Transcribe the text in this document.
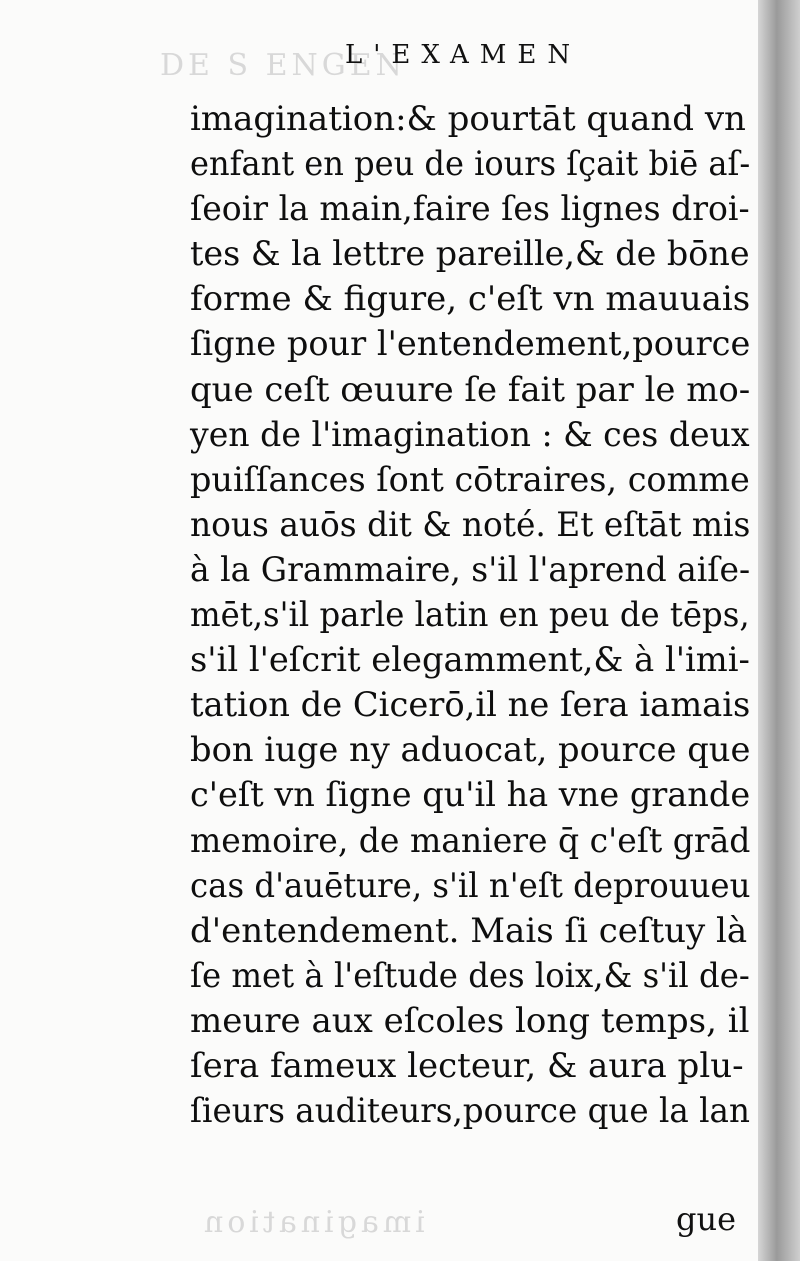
DE S ENGEN
imagination
L'EXAMEN
imagination:& pourtāt quand vn
enfant en peu de iours ſçait biē aſ-
ſeoir la main,faire ſes lignes droi-
tes & la lettre pareille,& de bōne
forme & figure, c'eſt vn mauuais
ſigne pour l'entendement,pource
que ceſt œuure ſe fait par le mo-
yen de l'imagination : & ces deux
puiſſances ſont cōtraires, comme
nous auōs dit & noté. Et eſtāt mis
à la Grammaire, s'il l'aprend aiſe-
mēt,s'il parle latin en peu de tēps,
s'il l'eſcrit elegamment,& à l'imi-
tation de Cicerō,il ne ſera iamais
bon iuge ny aduocat, pource que
c'eſt vn ſigne qu'il ha vne grande
memoire, de maniere q̄ c'eſt grād
cas d'auēture, s'il n'eſt deprouueu
d'entendement. Mais ſi ceſtuy là
ſe met à l'eſtude des loix,& s'il de-
meure aux eſcoles long temps, il
ſera fameux lecteur, & aura plu-
ſieurs auditeurs,pource que la lan
gue
